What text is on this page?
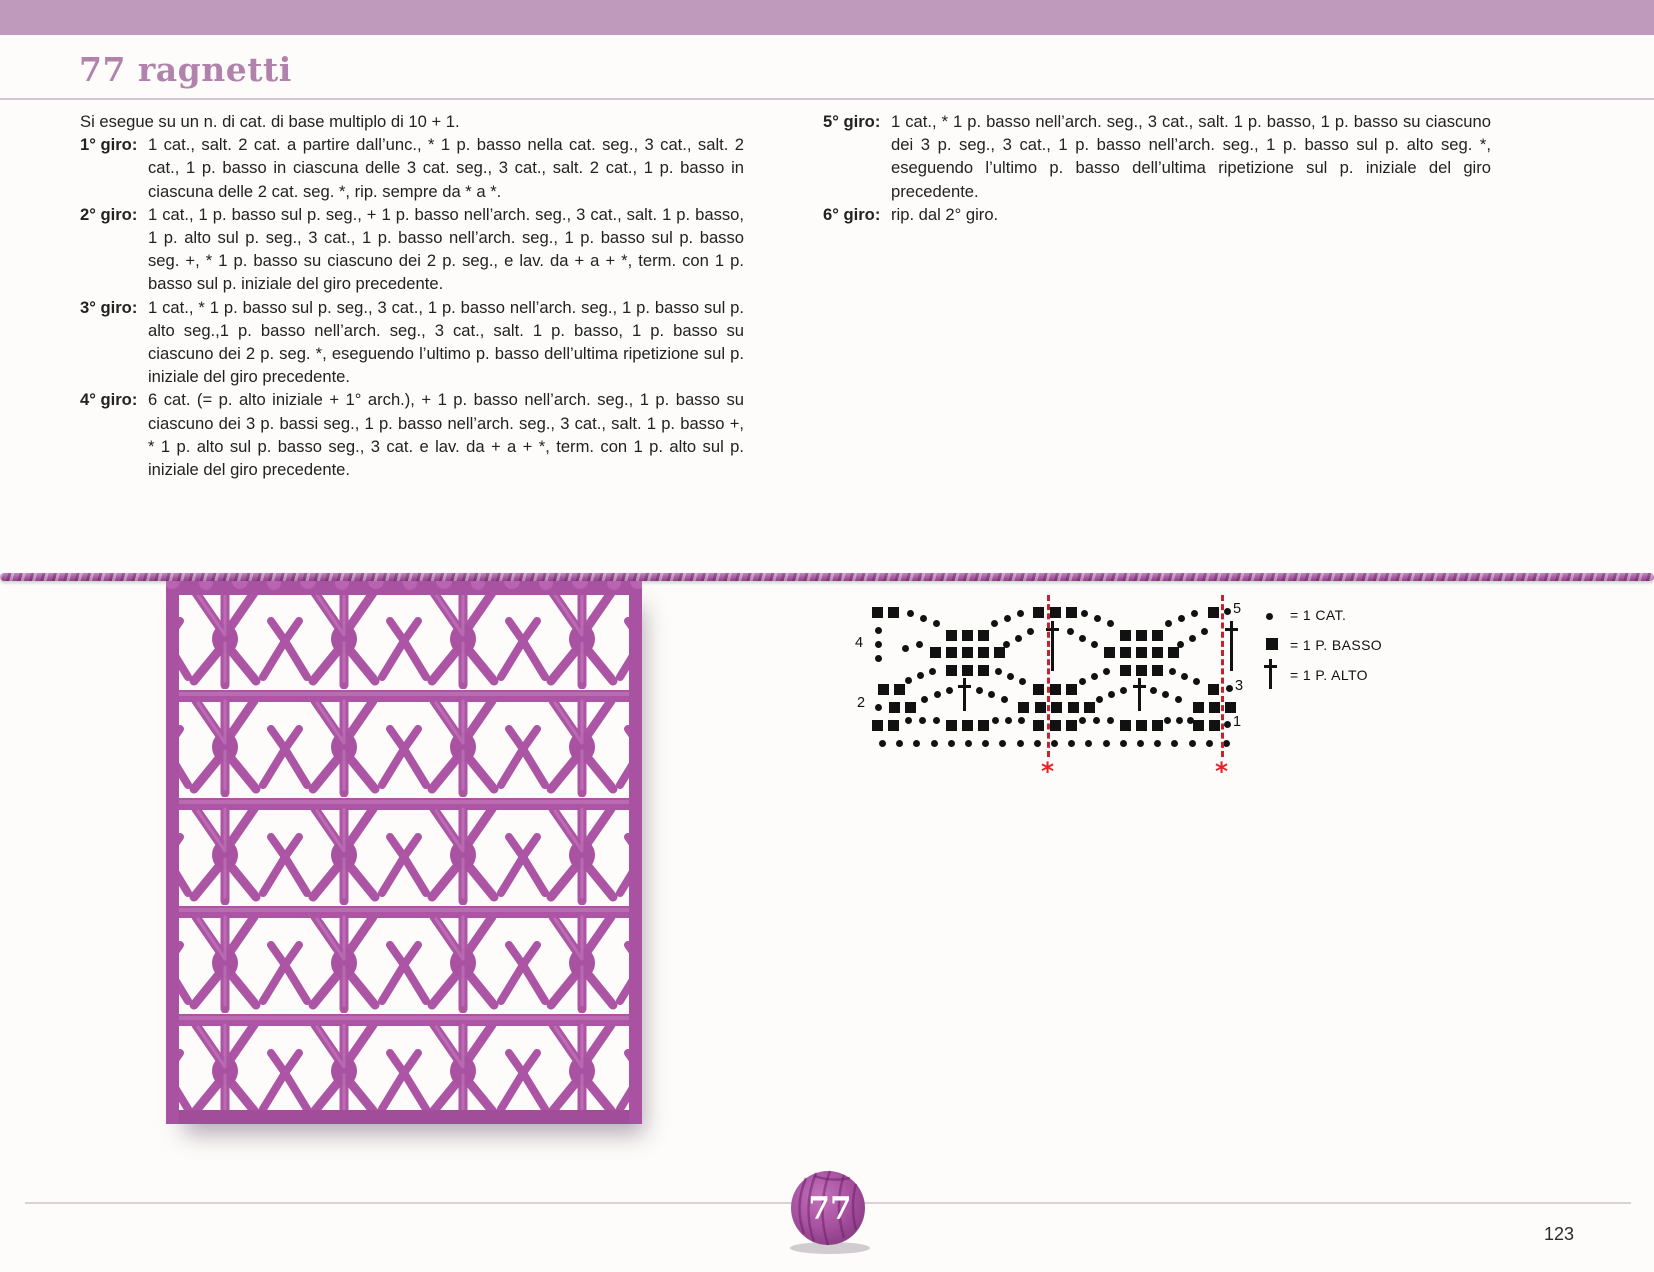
77 ragnetti

Si esegue su un n. di cat. di base multiplo di 10 + 1.

1° giro: 1 cat., salt. 2 cat. a partire dall’unc., * 1 p. basso nella cat. seg., 3 cat., salt. 2 cat., 1 p. basso in ciascuna delle 3 cat. seg., 3 cat., salt. 2 cat., 1 p. basso in ciascuna delle 2 cat. seg. *, rip. sempre da * a *.
2° giro: 1 cat., 1 p. basso sul p. seg., + 1 p. basso nell’arch. seg., 3 cat., salt. 1 p. basso, 1 p. alto sul p. seg., 3 cat., 1 p. basso nell’arch. seg., 1 p. basso sul p. basso seg. +, * 1 p. basso su ciascuno dei 2 p. seg., e lav. da + a + *, term. con 1 p. basso sul p. iniziale del giro precedente.
3° giro: 1 cat., * 1 p. basso sul p. seg., 3 cat., 1 p. basso nell’arch. seg., 1 p. basso sul p. alto seg.,1 p. basso nell’arch. seg., 3 cat., salt. 1 p. basso, 1 p. basso su ciascuno dei 2 p. seg. *, eseguendo l’ultimo p. basso dell’ultima ripetizione sul p. iniziale del giro precedente.
4° giro: 6 cat. (= p. alto iniziale + 1° arch.), + 1 p. basso nell’arch. seg., 1 p. basso su ciascuno dei 3 p. bassi seg., 1 p. basso nell’arch. seg., 3 cat., salt. 1 p. basso +, * 1 p. alto sul p. basso seg., 3 cat. e lav. da + a + *, term. con 1 p. alto sul p. iniziale del giro precedente.
5° giro: 1 cat., * 1 p. basso nell’arch. seg., 3 cat., salt. 1 p. basso, 1 p. basso su ciascuno dei 3 p. seg., 3 cat., 1 p. basso nell’arch. seg., 1 p. basso sul p. alto seg. *, eseguendo l’ultimo p. basso dell’ultima ripetizione sul p. iniziale del giro precedente.
6° giro: rip. dal 2° giro.
*	*
4
2
5
3
1
= 1 CAT.
= 1 P. BASSO
= 1 P. ALTO
77
123
